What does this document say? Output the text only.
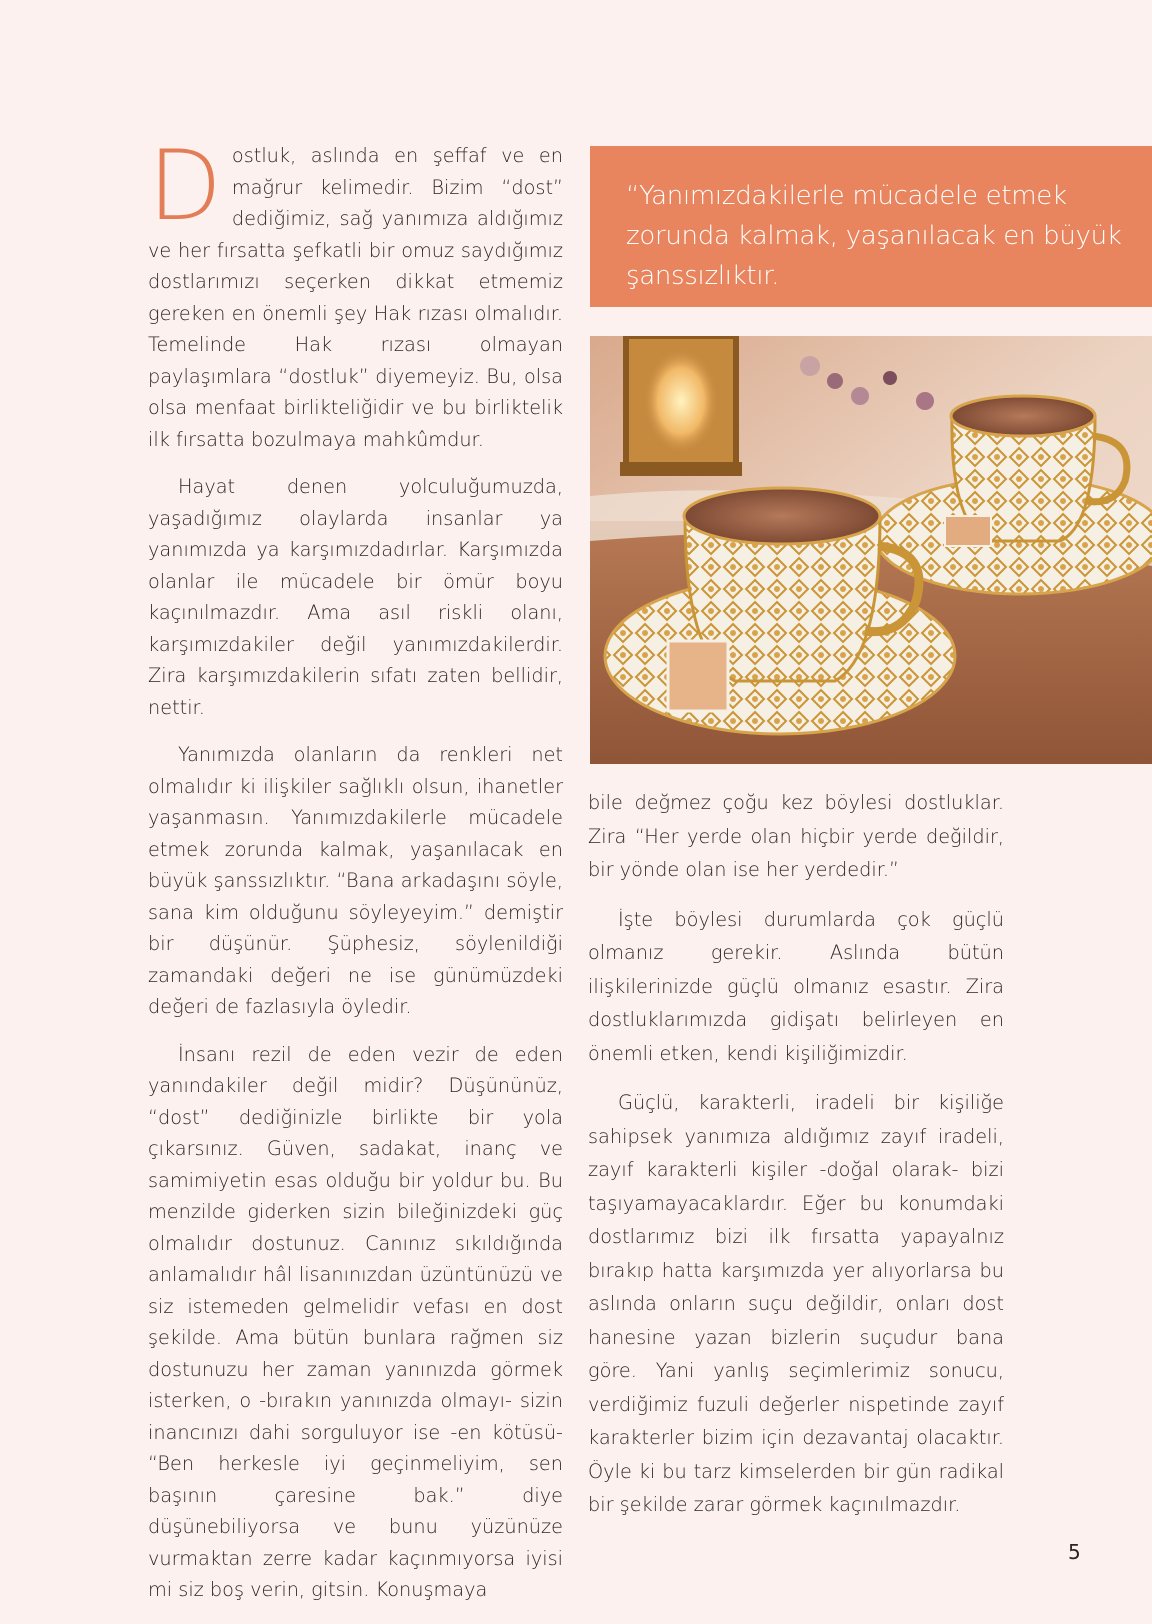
Dostluk, aslında en şeffaf ve en mağrur kelimedir. Bizim “dost” dediğimiz, sağ yanımıza aldığımız ve her fırsatta şefkatli bir omuz saydığımız dostlarımızı seçerken dikkat etmemiz gereken en önemli şey Hak rızası olmalıdır. Temelinde Hak rızası olmayan paylaşımlara “dostluk” diyemeyiz. Bu, olsa olsa menfaat birlikteliğidir ve bu birliktelik ilk fırsatta bozulmaya mahkûmdur.

Hayat denen yolculuğumuzda, yaşadığımız olaylarda insanlar ya yanımızda ya karşımızdadırlar. Karşımızda olanlar ile mücadele bir ömür boyu kaçınılmazdır. Ama asıl riskli olanı, karşımızdakiler değil yanımızdakilerdir. Zira karşımızdakilerin sıfatı zaten bellidir, nettir.

Yanımızda olanların da renkleri net olmalıdır ki ilişkiler sağlıklı olsun, ihanetler yaşanmasın. Yanımızdakilerle mücadele etmek zorunda kalmak, yaşanılacak en büyük şanssızlıktır. “Bana arkadaşını söyle, sana kim olduğunu söyleyeyim.” demiştir bir düşünür. Şüphesiz, söylenildiği zamandaki değeri ne ise günümüzdeki değeri de fazlasıyla öyledir.

İnsanı rezil de eden vezir de eden yanındakiler değil midir? Düşününüz, “dost” dediğinizle birlikte bir yola çıkarsınız. Güven, sadakat, inanç ve samimiyetin esas olduğu bir yoldur bu. Bu menzilde giderken sizin bileğinizdeki güç olmalıdır dostunuz. Canınız sıkıldığında anlamalıdır hâl lisanınızdan üzüntünüzü ve siz istemeden gelmelidir vefası en dost şekilde. Ama bütün bunlara rağmen siz dostunuzu her zaman yanınızda görmek isterken, o -bırakın yanınızda olmayı- sizin inancınızı dahi sorguluyor ise -en kötüsü- “Ben herkesle iyi geçinmeliyim, sen başının çaresine bak.” diye düşünebiliyorsa ve bunu yüzünüze vurmaktan zerre kadar kaçınmıyorsa iyisi mi siz boş verin, gitsin. Konuşmaya

“Yanımızdakilerle mücadele etmek zorunda kalmak, yaşanılacak en büyük şanssızlıktır.

bile değmez çoğu kez böylesi dostluklar. Zira “Her yerde olan hiçbir yerde değildir, bir yönde olan ise her yerdedir.”

İşte böylesi durumlarda çok güçlü olmanız gerekir. Aslında bütün ilişkilerinizde güçlü olmanız esastır. Zira dostluklarımızda gidişatı belirleyen en önemli etken, kendi kişiliğimizdir.

Güçlü, karakterli, iradeli bir kişiliğe sahipsek yanımıza aldığımız zayıf iradeli, zayıf karakterli kişiler -doğal olarak- bizi taşıyamayacaklardır. Eğer bu konumdaki dostlarımız bizi ilk fırsatta yapayalnız bırakıp hatta karşımızda yer alıyorlarsa bu aslında onların suçu değildir, onları dost hanesine yazan bizlerin suçudur bana göre. Yani yanlış seçimlerimiz sonucu, verdiğimiz fuzuli değerler nispetinde zayıf karakterler bizim için dezavantaj olacaktır. Öyle ki bu tarz kimselerden bir gün radikal bir şekilde zarar görmek kaçınılmazdır.

5
